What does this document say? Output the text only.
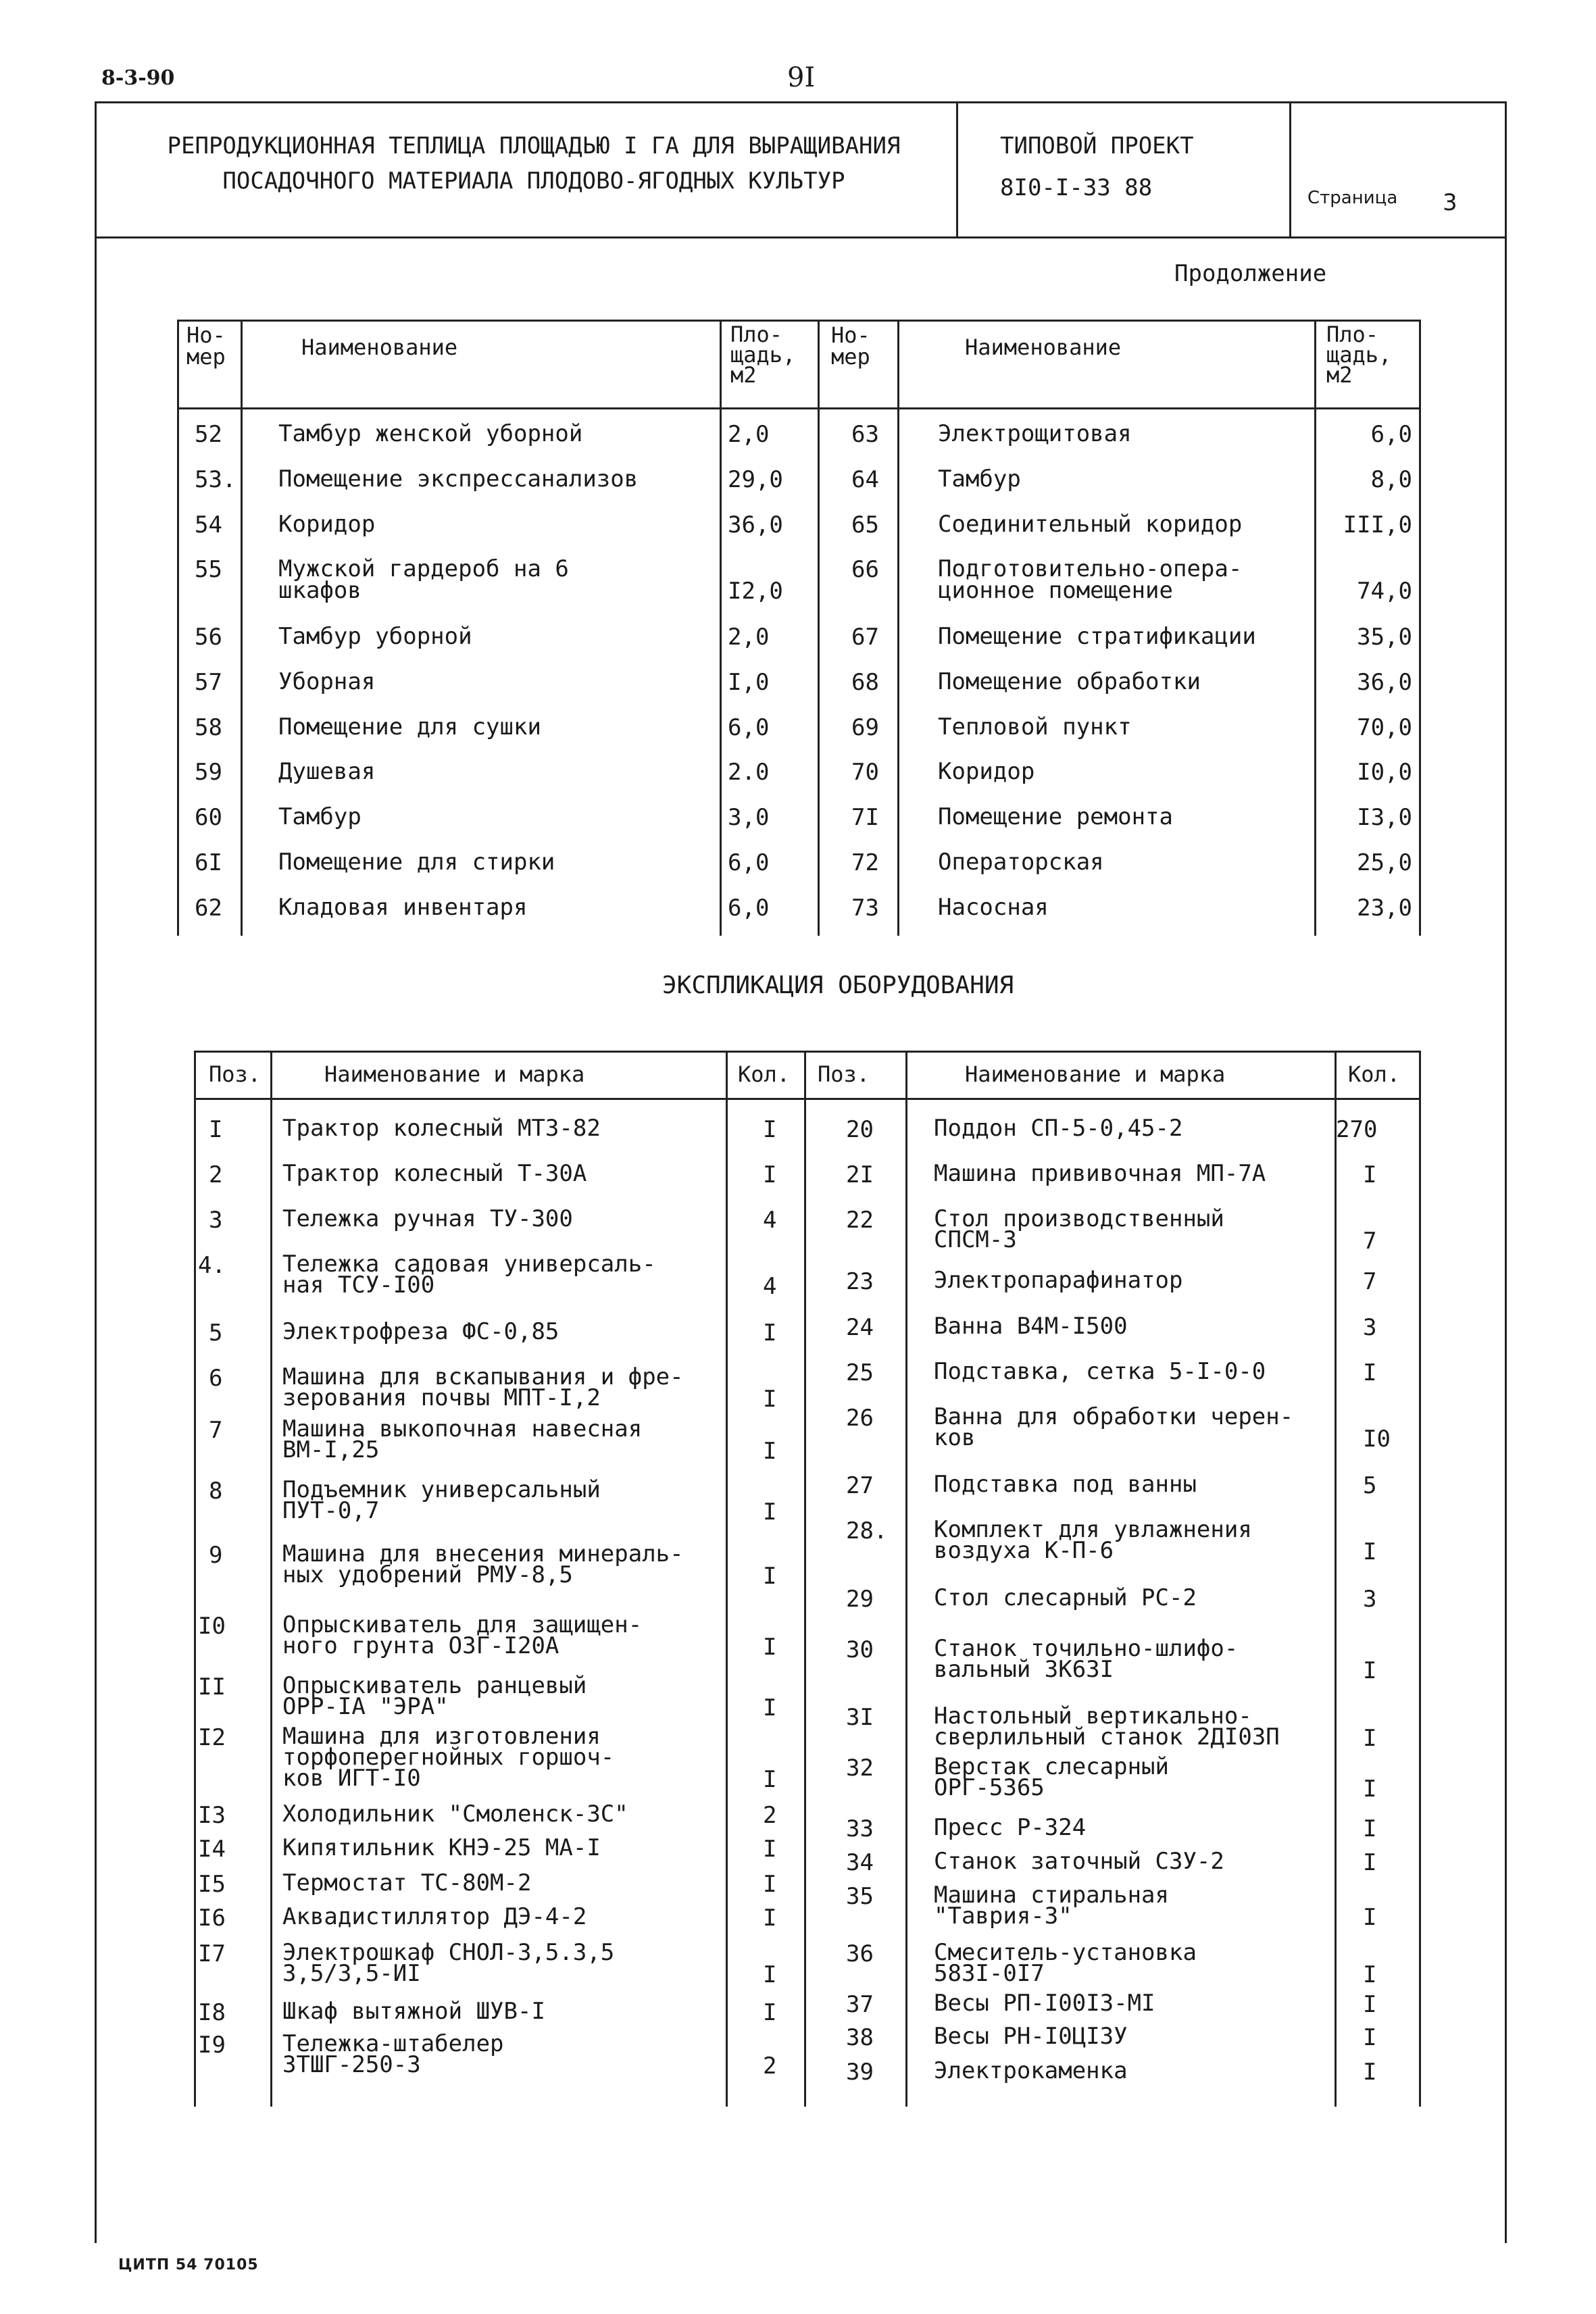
8-3-90	9I
РЕПРОДУКЦИОННАЯ ТЕПЛИЦА ПЛОЩАДЬЮ I ГА ДЛЯ ВЫРАЩИВАНИЯ
ПОСАДОЧНОГО МАТЕРИАЛА ПЛОДОВО-ЯГОДНЫХ КУЛЬТУР
ТИПОВОЙ ПРОЕКТ
8I0-I-33 88	Страница 3
Продолжение
Но-
мер	Наименование	Пло-
щадь,
м2
Но-
мер	Наименование	Пло-
щадь,
м2
52 Тамбур женской уборной	2,0
53. Помещение экспрессанализов	29,0
54 Коридор	36,0
55 Мужской гардероб на 6
шкафов	I2,0
56 Тамбур уборной	2,0
57 Уборная	I,0
58 Помещение для сушки	6,0
59 Душевая	2.0
60 Тамбур	3,0
6I Помещение для стирки	6,0
62 Кладовая инвентаря	6,0
63	Электрощитовая	6,0
64	Тамбур	8,0
65	Соединительный коридор	III,0
66	Подготовительно-опера-
ционное помещение	74,0
67	Помещение стратификации	35,0
68	Помещение обработки	36,0
69	Тепловой пункт	70,0
70	Коридор	I0,0
7I	Помещение ремонта	I3,0
72	Операторская	25,0
73	Насосная	23,0
ЭКСПЛИКАЦИЯ ОБОРУДОВАНИЯ
Поз.	Наименование и марка	Кол. Поз.	Наименование и марка	Кол.
I	Трактор колесный МТЗ-82	I
2	Трактор колесный Т-30А	I
3	Тележка ручная ТУ-300	4
4. Тележка садовая универсаль-
ная ТСУ-I00	4
5	Электрофреза ФС-0,85	I
6	Машина для вскапывания и фре-
зерования почвы МПТ-I,2	I
7	Машина выкопочная навесная
ВМ-I,25	I
8	Подъемник универсальный
ПУТ-0,7	I
9	Машина для внесения минераль-
ных удобрений РМУ-8,5	I
I0 Опрыскиватель для защищен-
ного грунта ОЗГ-I20А	I
II Опрыскиватель ранцевый
ОРР-IА "ЭРА"	I
I2 Машина для изготовления
торфоперегнойных горшоч-
ков ИГТ-I0	I
I3 Холодильник "Смоленск-3С"	2
I4 Кипятильник КНЭ-25 МА-I	I
I5 Термостат ТС-80М-2	I
I6 Аквадистиллятор ДЭ-4-2	I
I7 Электрошкаф СНОЛ-3,5.3,5
3,5/3,5-ИI	I
I8 Шкаф вытяжной ШУВ-I	I
I9 Тележка-штабелер
ЗТШГ-250-3	2
20	Поддон СП-5-0,45-2	270
2I	Машина прививочная МП-7А	I
22	Стол производственный
СПСМ-3	7
23	Электропарафинатор	7
24	Ванна В4М-I500	3
25	Подставка, сетка 5-I-0-0	I
26	Ванна для обработки черен-
ков	I0
27	Подставка под ванны	5
28. Комплект для увлажнения
воздуха К-П-6	I
29	Стол слесарный РС-2	3
30	Станок точильно-шлифо-
вальный ЗК63I	I
3I	Настольный вертикально-
сверлильный станок 2ДI03П	I
32	Верстак слесарный
ОРГ-5365	I
33	Пресс Р-324	I
34	Станок заточный СЗУ-2	I
35	Машина стиральная
"Таврия-3"	I
36	Смеситель-установка
583I-0I7	I
37	Весы РП-I00I3-МI	I
38	Весы РН-I0ЦI3У	I
39	Электрокаменка	I
ЦИТП 54 70105
